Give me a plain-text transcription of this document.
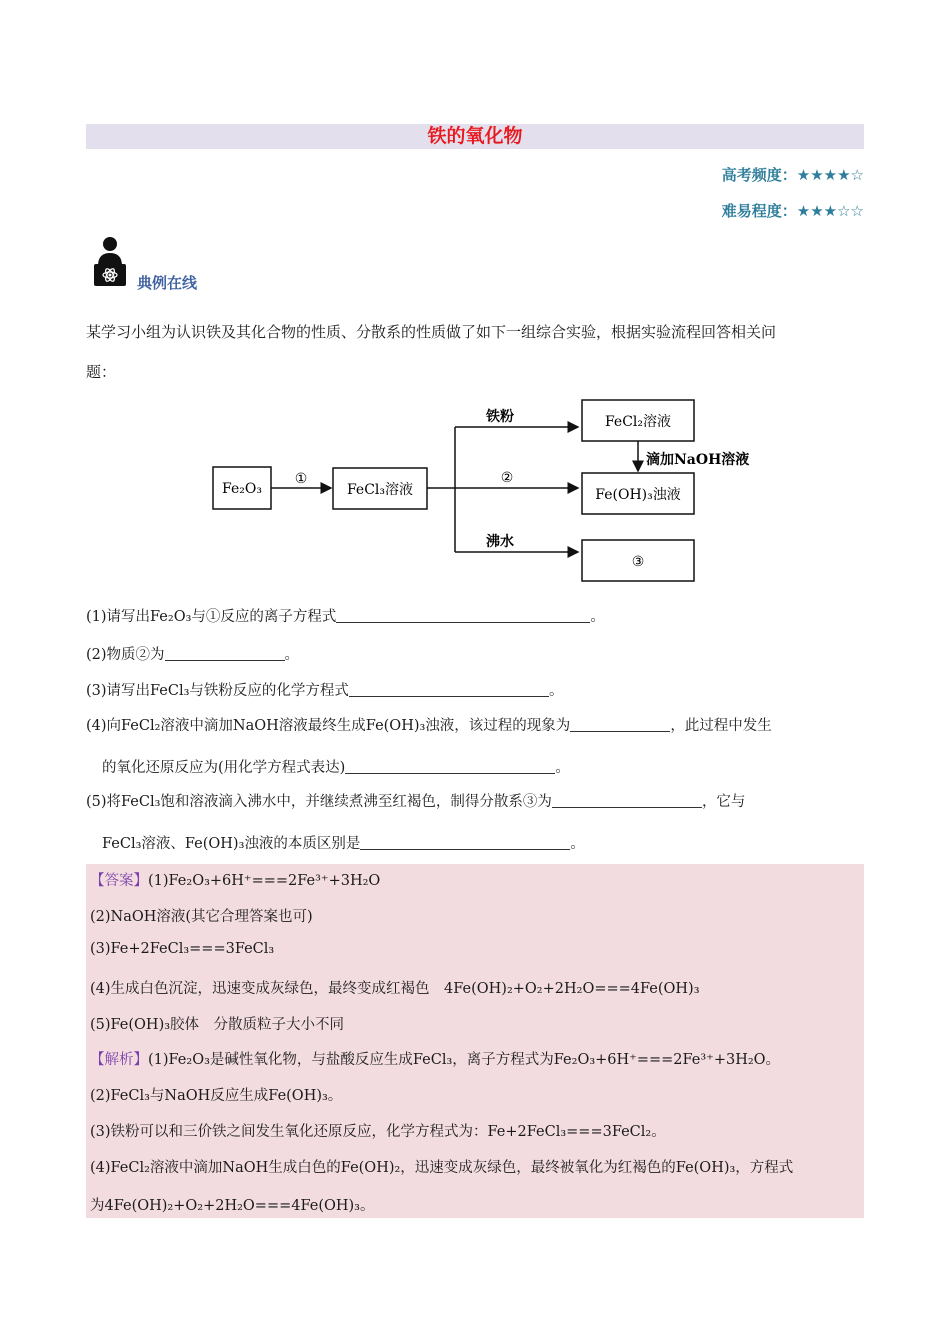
铁的氧化物
高考频度：★★★★☆
难易程度：★★★☆☆
典例在线
某学习小组为认识铁及其化合物的性质、分散系的性质做了如下一组综合实验，根据实验流程回答相关问
题：
Fe₂O₃
①
FeCl₃溶液
铁粉
②
沸水
FeCl₂溶液
滴加NaOH溶液
Fe(OH)₃浊液
③
(1)请写出Fe₂O₃与①反应的离子方程式	。
(2)物质②为	。
(3)请写出FeCl₃与铁粉反应的化学方程式	。
(4)向FeCl₂溶液中滴加NaOH溶液最终生成Fe(OH)₃浊液，该过程的现象为	，此过程中发生
的氧化还原反应为(用化学方程式表达)	。
(5)将FeCl₃饱和溶液滴入沸水中，并继续煮沸至红褐色，制得分散系③为	，它与
FeCl₃溶液、Fe(OH)₃浊液的本质区别是	。
【答案】(1)Fe₂O₃+6H⁺===2Fe³⁺+3H₂O
(2)NaOH溶液(其它合理答案也可)
(3)Fe+2FeCl₃===3FeCl₃
(4)生成白色沉淀，迅速变成灰绿色，最终变成红褐色　4Fe(OH)₂+O₂+2H₂O===4Fe(OH)₃
(5)Fe(OH)₃胶体　分散质粒子大小不同
【解析】(1)Fe₂O₃是碱性氧化物，与盐酸反应生成FeCl₃，离子方程式为Fe₂O₃+6H⁺===2Fe³⁺+3H₂O。
(2)FeCl₃与NaOH反应生成Fe(OH)₃。
(3)铁粉可以和三价铁之间发生氧化还原反应，化学方程式为：Fe+2FeCl₃===3FeCl₂。
(4)FeCl₂溶液中滴加NaOH生成白色的Fe(OH)₂，迅速变成灰绿色，最终被氧化为红褐色的Fe(OH)₃，方程式
为4Fe(OH)₂+O₂+2H₂O===4Fe(OH)₃。
